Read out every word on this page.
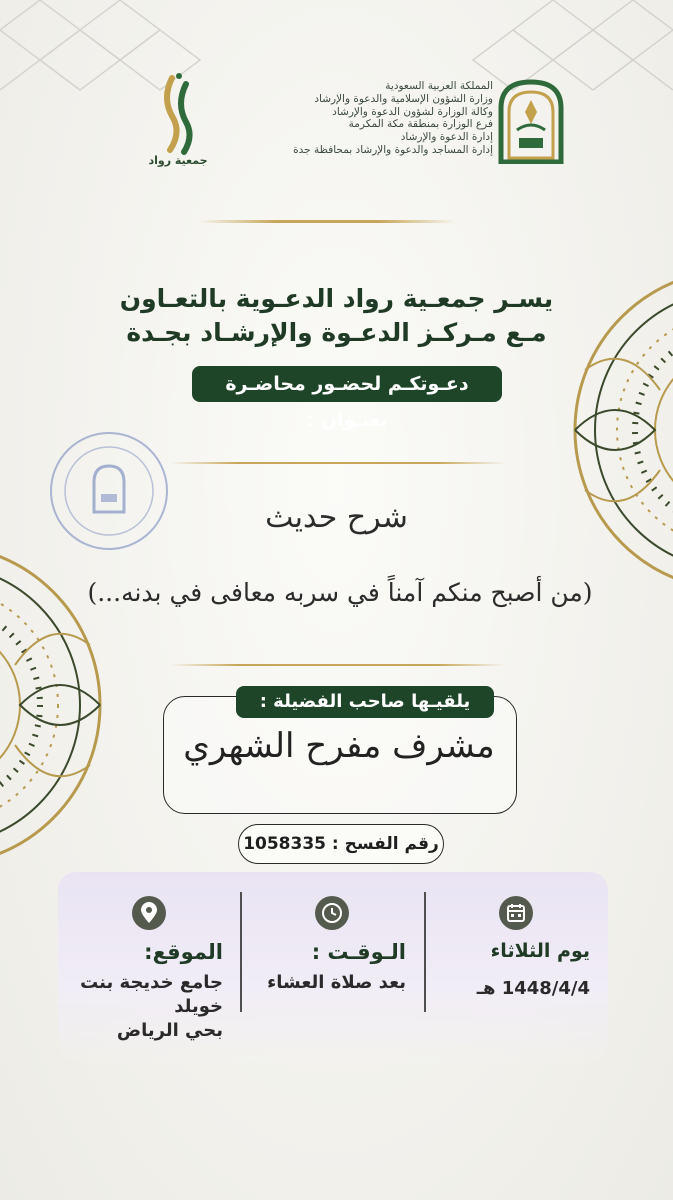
جمعية رواد
المملكة العربية السعودية
وزارة الشؤون الإسلامية والدعوة والإرشاد
وكالة الوزارة لشؤون الدعوة والإرشاد
فرع الوزارة بمنطقة مكة المكرمة
إدارة الدعوة والإرشاد
إدارة المساجد والدعوة والإرشاد بمحافظة جدة
يسـر جمعـية رواد الدعـوية بالتعـاون
مـع مـركـز الدعـوة والإرشـاد بجـدة
دعـوتكـم لحضـور محاضـرة بعنـوان :
شرح حديث
(من أصبح منكم آمناً في سربه معافى في بدنه...)
يلقيـها صاحب الفضيلة :
مشرف مفرح الشهري
رقم الفسح : 1058335
يوم الثلاثاء
1448/4/4 هـ
الـوقـت :
بعد صلاة العشاء
الموقع:
جامع خديجة بنت
خويلد
بحي الرياض
